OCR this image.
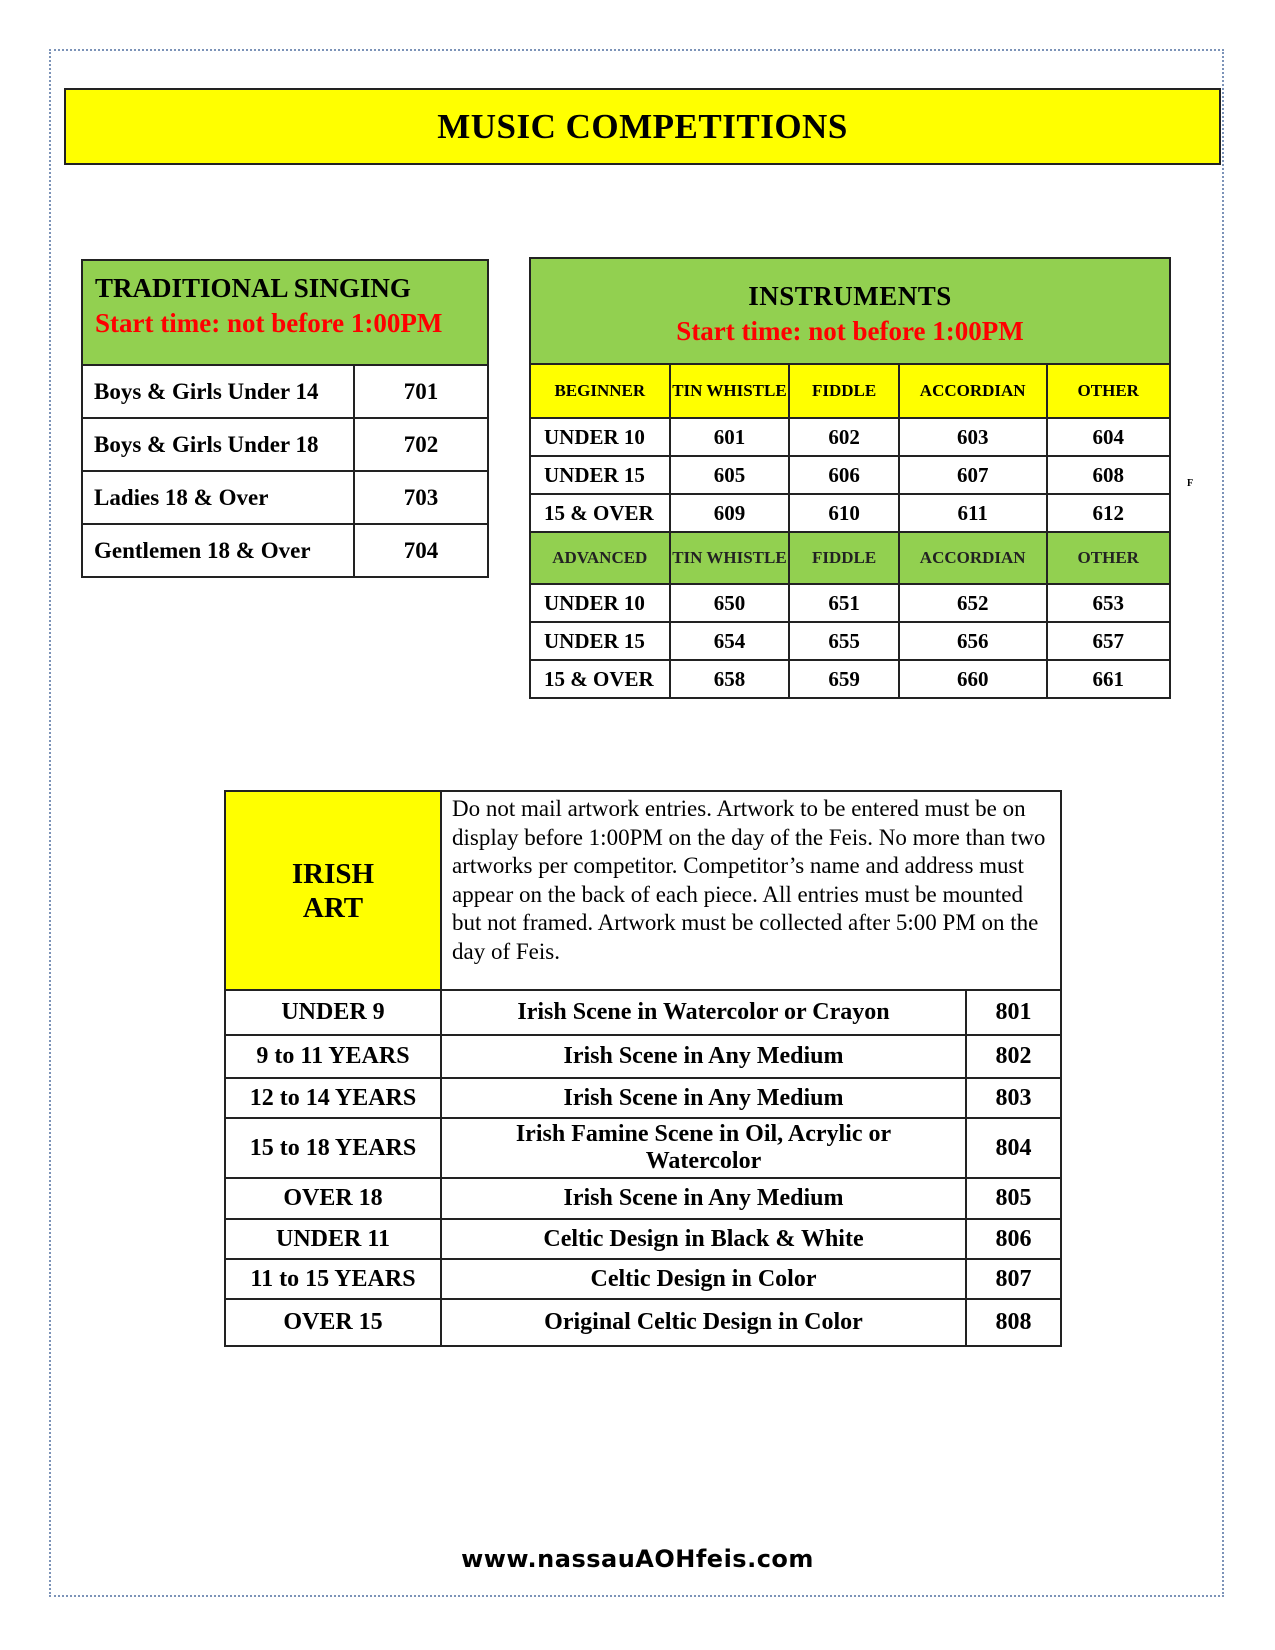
MUSIC COMPETITIONS
TRADITIONAL SINGING
Start time: not before 1:00PM	

Boys & Girls Under 14	701
Boys & Girls Under 18	702
Ladies 18 & Over	703
Gentlemen 18 & Over	704
INSTRUMENTS
Start time: not before 1:00PM				

BEGINNER	TIN WHISTLE	FIDDLE	ACCORDIAN	OTHER
UNDER 10	601	602	603	604
UNDER 15	605	606	607	608
15 & OVER	609	610	611	612
ADVANCED	TIN WHISTLE	FIDDLE	ACCORDIAN	OTHER
UNDER 10	650	651	652	653
UNDER 15	654	655	656	657
15 & OVER	658	659	660	661
F
IRISH
ART	Do not mail artwork entries. Artwork to be entered must be on display before 1:00PM on the day of the Feis. No more than two artworks per competitor. Competitor’s name and address must appear on the back of each piece. All entries must be mounted but not framed. Artwork must be collected after 5:00 PM on the day of Feis.	
UNDER 9	Irish Scene in Watercolor or Crayon	801
9 to 11 YEARS	Irish Scene in Any Medium	802
12 to 14 YEARS	Irish Scene in Any Medium	803
15 to 18 YEARS	Irish Famine Scene in Oil, Acrylic or Watercolor	804
OVER 18	Irish Scene in Any Medium	805
UNDER 11	Celtic Design in Black & White	806
11 to 15 YEARS	Celtic Design in Color	807
OVER 15	Original Celtic Design in Color	808
www.nassauAOHfeis.com
